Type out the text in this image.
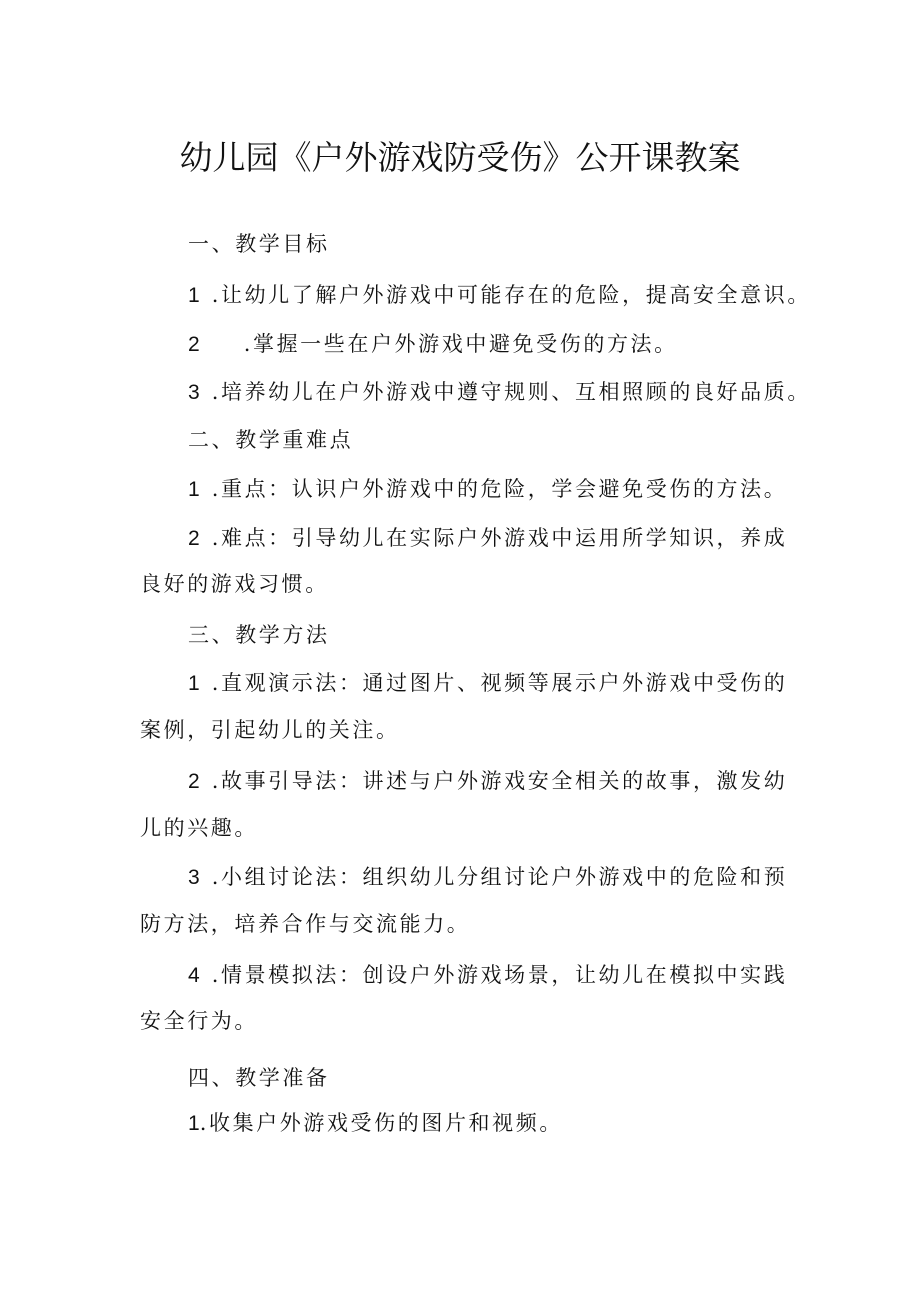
幼儿园《户外游戏防受伤》公开课教案
一、教学目标
1 .让幼儿了解户外游戏中可能存在的危险，提高安全意识。
2 .掌握一些在户外游戏中避免受伤的方法。
3 .培养幼儿在户外游戏中遵守规则、互相照顾的良好品质。
二、教学重难点
1 .重点：认识户外游戏中的危险，学会避免受伤的方法。
2 .难点：引导幼儿在实际户外游戏中运用所学知识，养成
良好的游戏习惯。
三、教学方法
1 .直观演示法：通过图片、视频等展示户外游戏中受伤的
案例，引起幼儿的关注。
2 .故事引导法：讲述与户外游戏安全相关的故事，激发幼
儿的兴趣。
3 .小组讨论法：组织幼儿分组讨论户外游戏中的危险和预
防方法，培养合作与交流能力。
4 .情景模拟法：创设户外游戏场景，让幼儿在模拟中实践
安全行为。
四、教学准备
1.收集户外游戏受伤的图片和视频。
